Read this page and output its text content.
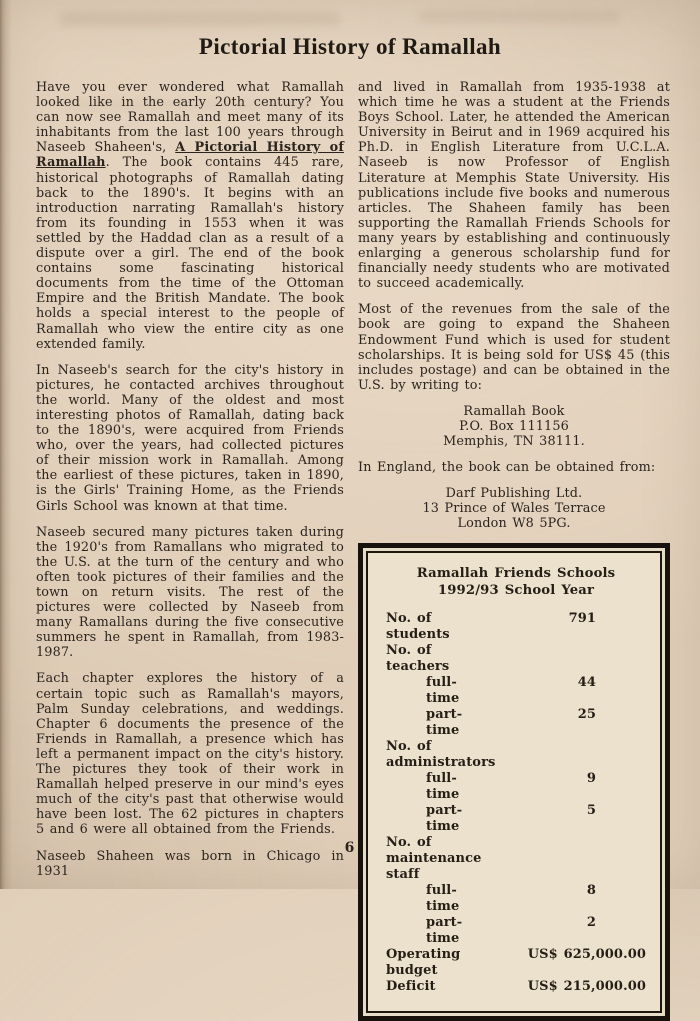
Pictorial History of Ramallah

Have you ever wondered what Ramallah looked like in the early 20th century? You can now see Ramallah and meet many of its inhabitants from the last 100 years through Naseeb Shaheen's, A Pictorial History of Ramallah. The book contains 445 rare, historical photographs of Ramallah dating back to the 1890's. It begins with an introduction narrating Ramallah's history from its founding in 1553 when it was settled by the Haddad clan as a result of a dispute over a girl. The end of the book contains some fascinating historical documents from the time of the Ottoman Empire and the British Mandate. The book holds a special interest to the people of Ramallah who view the entire city as one extended family.

In Naseeb's search for the city's history in pictures, he contacted archives throughout the world. Many of the oldest and most interesting photos of Ramallah, dating back to the 1890's, were acquired from Friends who, over the years, had collected pictures of their mission work in Ramallah. Among the earliest of these pictures, taken in 1890, is the Girls' Training Home, as the Friends Girls School was known at that time.

Naseeb secured many pictures taken during the 1920's from Ramallans who migrated to the U.S. at the turn of the century and who often took pictures of their families and the town on return visits. The rest of the pictures were collected by Naseeb from many Ramallans during the five consecutive summers he spent in Ramallah, from 1983-1987.

Each chapter explores the history of a certain topic such as Ramallah's mayors, Palm Sunday celebrations, and weddings. Chapter 6 documents the presence of the Friends in Ramallah, a presence which has left a permanent impact on the city's history. The pictures they took of their work in Ramallah helped preserve in our mind's eyes much of the city's past that otherwise would have been lost. The 62 pictures in chapters 5 and 6 were all obtained from the Friends.

Naseeb Shaheen was born in Chicago in 1931

and lived in Ramallah from 1935-1938 at which time he was a student at the Friends Boys School. Later, he attended the American University in Beirut and in 1969 acquired his Ph.D. in English Literature from U.C.L.A. Naseeb is now Professor of English Literature at Memphis State University. His publications include five books and numerous articles. The Shaheen family has been supporting the Ramallah Friends Schools for many years by establishing and continuously enlarging a generous scholarship fund for financially needy students who are motivated to succeed academically.

Most of the revenues from the sale of the book are going to expand the Shaheen Endowment Fund which is used for student scholarships. It is being sold for US$ 45 (this includes postage) and can be obtained in the U.S. by writing to:

Ramallah Book
P.O. Box 111156
Memphis, TN 38111.

In England, the book can be obtained from:

Darf Publishing Ltd.
13 Prince of Wales Terrace
London W8 5PG.
Ramallah Friends Schools
1992/93 School Year
No. of students
791
No. of teachers
full-time
44
part-time
25
No. of administrators
full-time
9
part-time
5
No. of maintenance staff
full-time
8
part-time
2
Operating budget
US$ 625,000.00
Deficit	US$ 215,000.00
6
